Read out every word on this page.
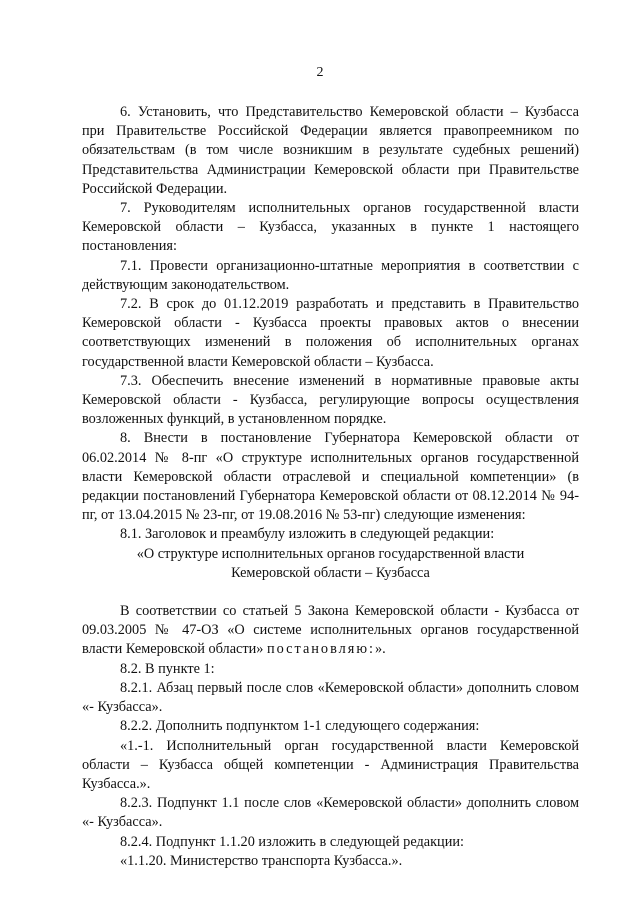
2

6. Установить, что Представительство Кемеровской области – Кузбасса при Правительстве Российской Федерации является правопреемником по обязательствам (в том числе возникшим в результате судебных решений) Представительства Администрации Кемеровской области при Правительстве Российской Федерации.

7. Руководителям исполнительных органов государственной власти Кемеровской области – Кузбасса, указанных в пункте 1 настоящего постановления:

7.1. Провести организационно-штатные мероприятия в соответствии с действующим законодательством.

7.2. В срок до 01.12.2019 разработать и представить в Правительство Кемеровской области - Кузбасса проекты правовых актов о внесении соответствующих изменений в положения об исполнительных органах государственной власти Кемеровской области – Кузбасса.

7.3. Обеспечить внесение изменений в нормативные правовые акты Кемеровской области - Кузбасса, регулирующие вопросы осуществления возложенных функций, в установленном порядке.

8. Внести в постановление Губернатора Кемеровской области от 06.02.2014 № 8-пг «О структуре исполнительных органов государственной власти Кемеровской области отраслевой и специальной компетенции» (в редакции постановлений Губернатора Кемеровской области от 08.12.2014 № 94-пг, от 13.04.2015 № 23-пг, от 19.08.2016 № 53-пг) следующие изменения:

8.1. Заголовок и преамбулу изложить в следующей редакции:

«О структуре исполнительных органов государственной власти

Кемеровской области – Кузбасса

В соответствии со статьей 5 Закона Кемеровской области - Кузбасса от 09.03.2005 № 47-ОЗ «О системе исполнительных органов государственной власти Кемеровской области» постановляю:».

8.2. В пункте 1:

8.2.1. Абзац первый после слов «Кемеровской области» дополнить словом «- Кузбасса».

8.2.2. Дополнить подпунктом 1-1 следующего содержания:

«1.-1. Исполнительный орган государственной власти Кемеровской области – Кузбасса общей компетенции - Администрация Правительства Кузбасса.».

8.2.3. Подпункт 1.1 после слов «Кемеровской области» дополнить словом «- Кузбасса».

8.2.4. Подпункт 1.1.20 изложить в следующей редакции:

«1.1.20. Министерство транспорта Кузбасса.».
